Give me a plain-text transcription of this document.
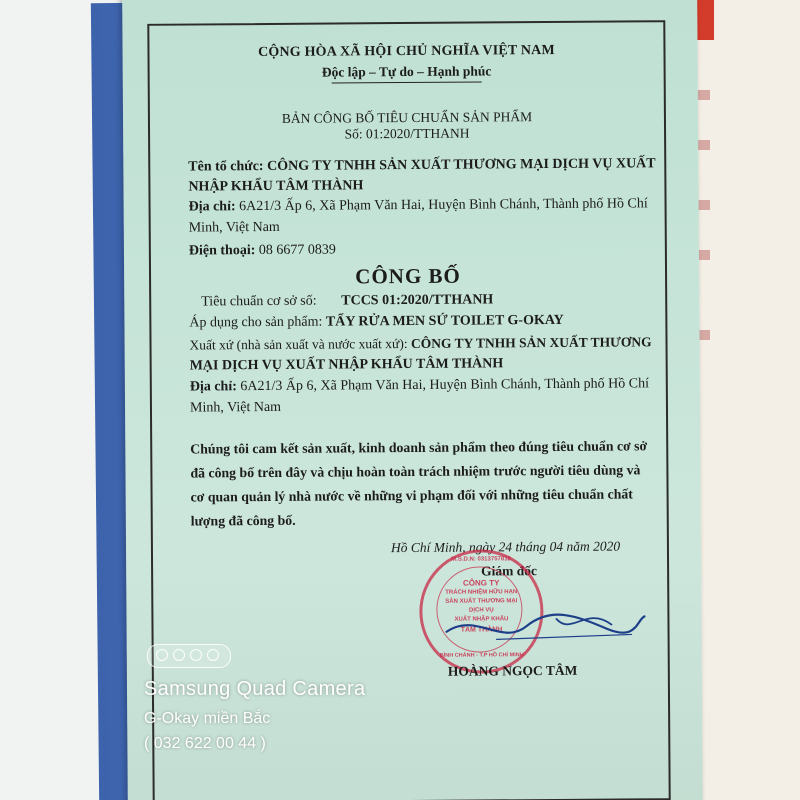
CỘNG HÒA XÃ HỘI CHỦ NGHĨA VIỆT NAM
Độc lập – Tự do – Hạnh phúc
BẢN CÔNG BỐ TIÊU CHUẨN SẢN PHẨM
Số: 01:2020/TTHANH
Tên tổ chức: CÔNG TY TNHH SẢN XUẤT THƯƠNG MẠI DỊCH VỤ XUẤT
NHẬP KHẨU TÂM THÀNH
Địa chỉ: 6A21/3 Ấp 6, Xã Phạm Văn Hai, Huyện Bình Chánh, Thành phố Hồ Chí
Minh, Việt Nam
Điện thoại: 08 6677 0839
CÔNG BỐ
Tiêu chuẩn cơ sở số: TCCS 01:2020/TTHANH
Áp dụng cho sản phẩm: TẨY RỬA MEN SỨ TOILET G-OKAY
Xuất xứ (nhà sản xuất và nước xuất xứ): CÔNG TY TNHH SẢN XUẤT THƯƠNG
MẠI DỊCH VỤ XUẤT NHẬP KHẨU TÂM THÀNH
Địa chỉ: 6A21/3 Ấp 6, Xã Phạm Văn Hai, Huyện Bình Chánh, Thành phố Hồ Chí
Minh, Việt Nam
Chúng tôi cam kết sản xuất, kinh doanh sản phẩm theo đúng tiêu chuẩn cơ sở
đã công bố trên đây và chịu hoàn toàn trách nhiệm trước người tiêu dùng và
cơ quan quản lý nhà nước về những vi phạm đối với những tiêu chuẩn chất
lượng đã công bố.
Hồ Chí Minh, ngày 24 tháng 04 năm 2020
Giám đốc
M.S.D.N: 0313757818
CÔNG TY
TRÁCH NHIỆM HỮU HẠN
SẢN XUẤT THƯƠNG MẠI
DỊCH VỤ
XUẤT NHẬP KHẨU
TÂM THÀNH
BÌNH CHÁNH - T.P HỒ CHÍ MINH
HOÀNG NGỌC TÂM
Samsung Quad Camera
G-Okay miền Bắc
( 032 622 00 44 )
